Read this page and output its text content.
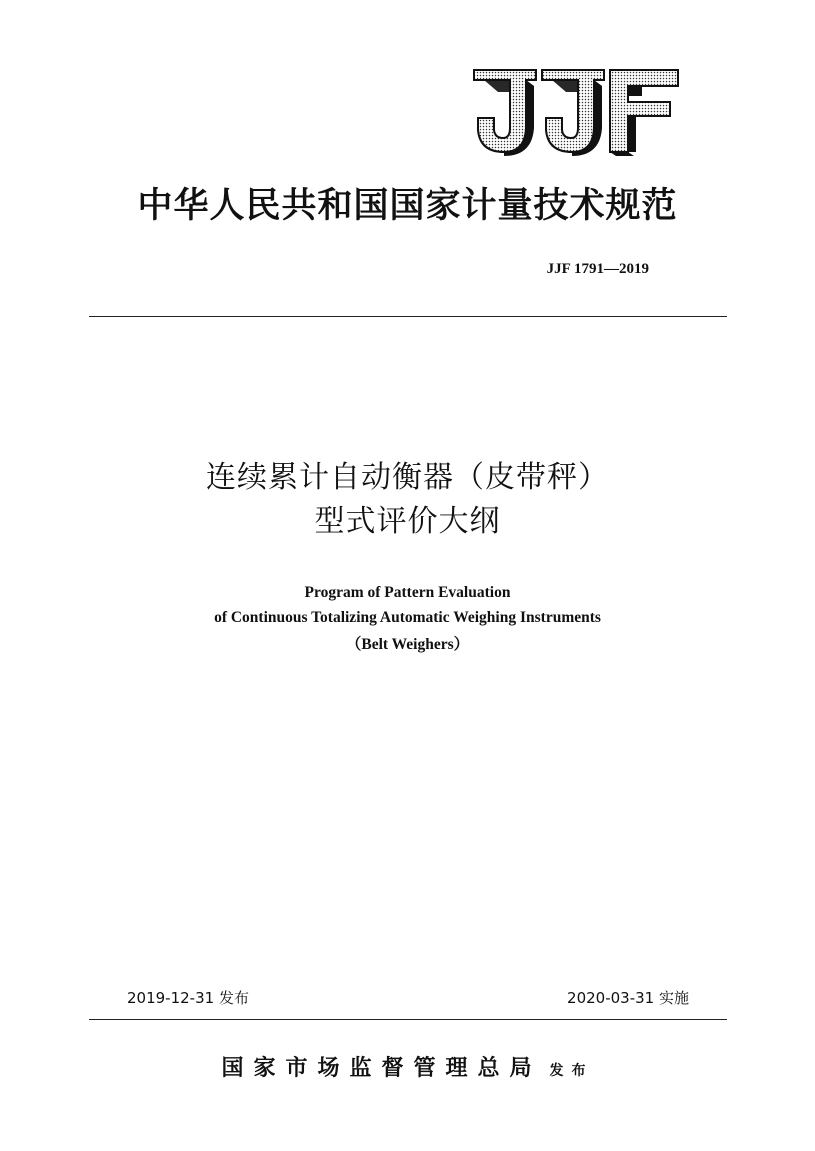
中华人民共和国国家计量技术规范
JJF 1791—2019
连续累计自动衡器（皮带秤）
型式评价大纲
Program of Pattern Evaluation
of Continuous Totalizing Automatic Weighing Instruments
（Belt Weighers）
2019-12-31 发布	2020-03-31 实施
国家市场监督管理总局 发布
